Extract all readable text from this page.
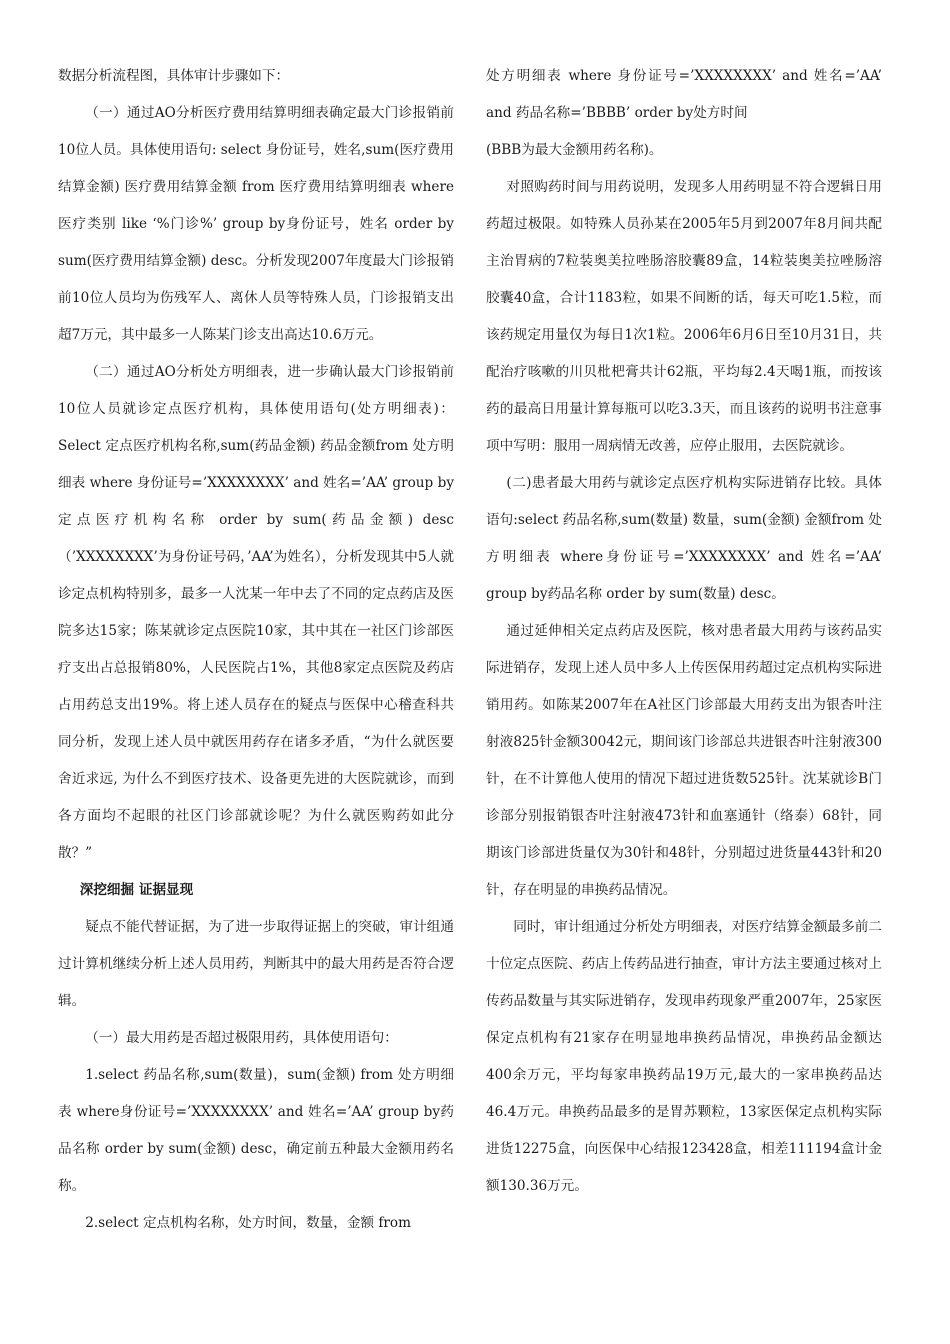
数据分析流程图，具体审计步骤如下：

（一）通过AO分析医疗费用结算明细表确定最大门诊报销前10位人员。具体使用语句: select 身份证号，姓名,sum(医疗费用结算金额) 医疗费用结算金额 from 医疗费用结算明细表 where 医疗类别 like ‘%门诊%’ group by身份证号，姓名 order by sum(医疗费用结算金额) desc。分析发现2007年度最大门诊报销前10位人员均为伤残军人、离休人员等特殊人员，门诊报销支出超7万元，其中最多一人陈某门诊支出高达10.6万元。

（二）通过AO分析处方明细表，进一步确认最大门诊报销前10位人员就诊定点医疗机构，具体使用语句(处方明细表)：Select 定点医疗机构名称,sum(药品金额) 药品金额from 处方明细表 where 身份证号=’XXXXXXXX’ and 姓名=’AA’ group by定点医疗机构名称 order by sum(药品金额) desc（’XXXXXXXX’为身份证号码，’AA’为姓名），分析发现其中5人就诊定点机构特别多，最多一人沈某一年中去了不同的定点药店及医院多达15家；陈某就诊定点医院10家，其中其在一社区门诊部医疗支出占总报销80%，人民医院占1%，其他8家定点医院及药店占用药总支出19%。将上述人员存在的疑点与医保中心稽查科共同分析，发现上述人员中就医用药存在诸多矛盾，“为什么就医要舍近求远, 为什么不到医疗技术、设备更先进的大医院就诊，而到各方面均不起眼的社区门诊部就诊呢？为什么就医购药如此分散？”

深挖细掘 证据显现

疑点不能代替证据，为了进一步取得证据上的突破，审计组通过计算机继续分析上述人员用药，判断其中的最大用药是否符合逻辑。

（一）最大用药是否超过极限用药，具体使用语句：

1.select 药品名称,sum(数量)，sum(金额) from 处方明细表 where身份证号=’XXXXXXXX’ and 姓名=’AA’ group by药品名称 order by sum(金额) desc，确定前五种最大金额用药名称。

2.select 定点机构名称，处方时间，数量，金额 from

处方明细表 where 身份证号=’XXXXXXXX’ and 姓名=’AA’ and 药品名称=’BBBB’ order by处方时间

(BBB为最大金额用药名称)。

对照购药时间与用药说明，发现多人用药明显不符合逻辑日用药超过极限。如特殊人员孙某在2005年5月到2007年8月间共配主治胃病的7粒装奥美拉唑肠溶胶囊89盒，14粒装奥美拉唑肠溶胶囊40盒，合计1183粒，如果不间断的话，每天可吃1.5粒，而该药规定用量仅为每日1次1粒。2006年6月6日至10月31日，共配治疗咳嗽的川贝枇杷膏共计62瓶，平均每2.4天喝1瓶，而按该药的最高日用量计算每瓶可以吃3.3天，而且该药的说明书注意事项中写明：服用一周病情无改善，应停止服用，去医院就诊。

(二)患者最大用药与就诊定点医疗机构实际进销存比较。具体语句:select 药品名称,sum(数量) 数量，sum(金额) 金额from 处方明细表 where身份证号=’XXXXXXXX’ and 姓名=’AA’ group by药品名称 order by sum(数量) desc。

通过延伸相关定点药店及医院，核对患者最大用药与该药品实际进销存，发现上述人员中多人上传医保用药超过定点机构实际进销用药。如陈某2007年在A社区门诊部最大用药支出为银杏叶注射液825针金额30042元，期间该门诊部总共进银杏叶注射液300针，在不计算他人使用的情况下超过进货数525针。沈某就诊B门诊部分别报销银杏叶注射液473针和血塞通针（络泰）68针，同期该门诊部进货量仅为30针和48针，分别超过进货量443针和20针，存在明显的串换药品情况。

同时，审计组通过分析处方明细表，对医疗结算金额最多前二十位定点医院、药店上传药品进行抽查，审计方法主要通过核对上传药品数量与其实际进销存，发现串药现象严重2007年，25家医保定点机构有21家存在明显地串换药品情况，串换药品金额达400余万元，平均每家串换药品19万元,最大的一家串换药品达46.4万元。串换药品最多的是胃苏颗粒，13家医保定点机构实际进货12275盒，向医保中心结报123428盒，相差111194盒计金额130.36万元。
